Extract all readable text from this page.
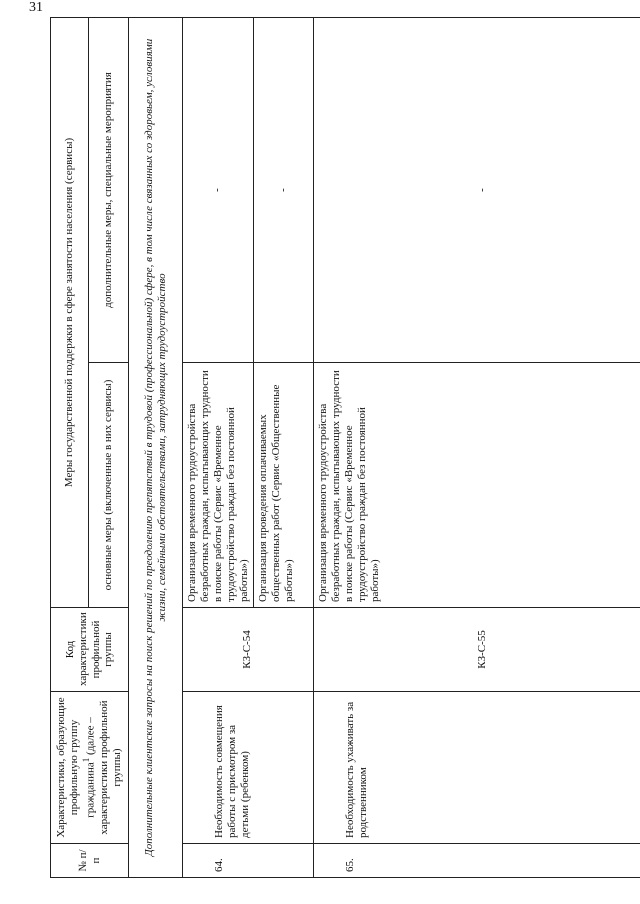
31
№ п/п	Характеристики, образующие профильную группу гражданина$^1$ (далее – характеристики профильной группы)	Код характеристики профильной группы	Меры государственной поддержки в сфере занятости населения (сервисы)	
			основные меры (включенные в них сервисы)	дополнительные меры, специальные мероприятия
Дополнительные клиентские запросы на поиск решений по преодолению препятствий в трудовой (профессиональной) сфере, в том числе связанных со здоровьем, условиями жизни, семейными обстоятельствами, затрудняющих трудоустройство				
64.	Необходимость совмещения работы с присмотром за детьми (ребенком)	КЗ-С-54	Организация временного трудоустройства безработных граждан, испытывающих трудности в поиске работы (Сервис «Временное трудоустройство граждан без постоянной работы»)	-
			Организация проведения оплачиваемых общественных работ (Сервис «Общественные работы»)	-
65.	Необходимость ухаживать за родственником	КЗ-С-55	Организация временного трудоустройства безработных граждан, испытывающих трудности в поиске работы (Сервис «Временное трудоустройство граждан без постоянной работы»)	-
